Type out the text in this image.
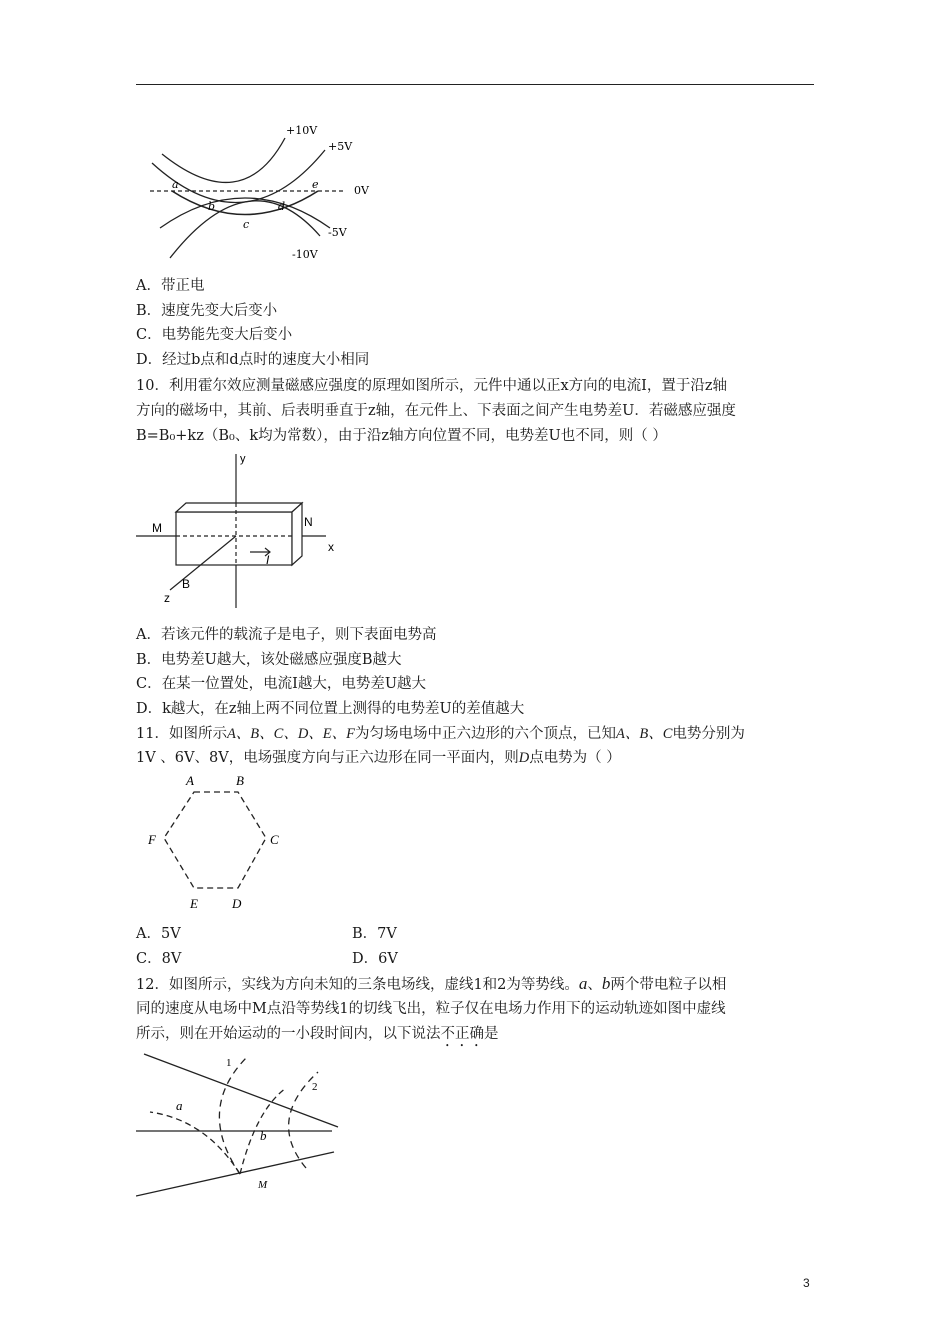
+10V
+5V
0V
-5V
-10V
a
b
c
d
e
A．带正电
B．速度先变大后变小
C．电势能先变大后变小
D．经过b点和d点时的速度大小相同
10．利用霍尔效应测量磁感应强度的原理如图所示，元件中通以正x方向的电流I，置于沿z轴
方向的磁场中，其前、后表明垂直于z轴，在元件上、下表面之间产生电势差U．若磁感应强度
B=B₀+kz（B₀、k均为常数），由于沿z轴方向位置不同，电势差U也不同，则（ ）
y
M	N
x
I
B
z
A．若该元件的载流子是电子，则下表面电势高
B．电势差U越大，该处磁感应强度B越大
C．在某一位置处，电流I越大，电势差U越大
D．k越大，在z轴上两不同位置上测得的电势差U的差值越大
11．如图所示A、B、C、D、E、F为匀场电场中正六边形的六个顶点，已知A、B、C电势分别为
1V 、6V、8V，电场强度方向与正六边形在同一平面内，则D点电势为（ ）
A	B
C
D
E
F
A．5V	B．7V
C．8V	D．6V
12．如图所示，实线为方向未知的三条电场线，虚线1和2为等势线。a、b两个带电粒子以相
同的速度从电场中M点沿等势线1的切线飞出，粒子仅在电场力作用下的运动轨迹如图中虚线
所示，则在开始运动的一小段时间内，以下说法不正确是
1
2
a
b
M
3
